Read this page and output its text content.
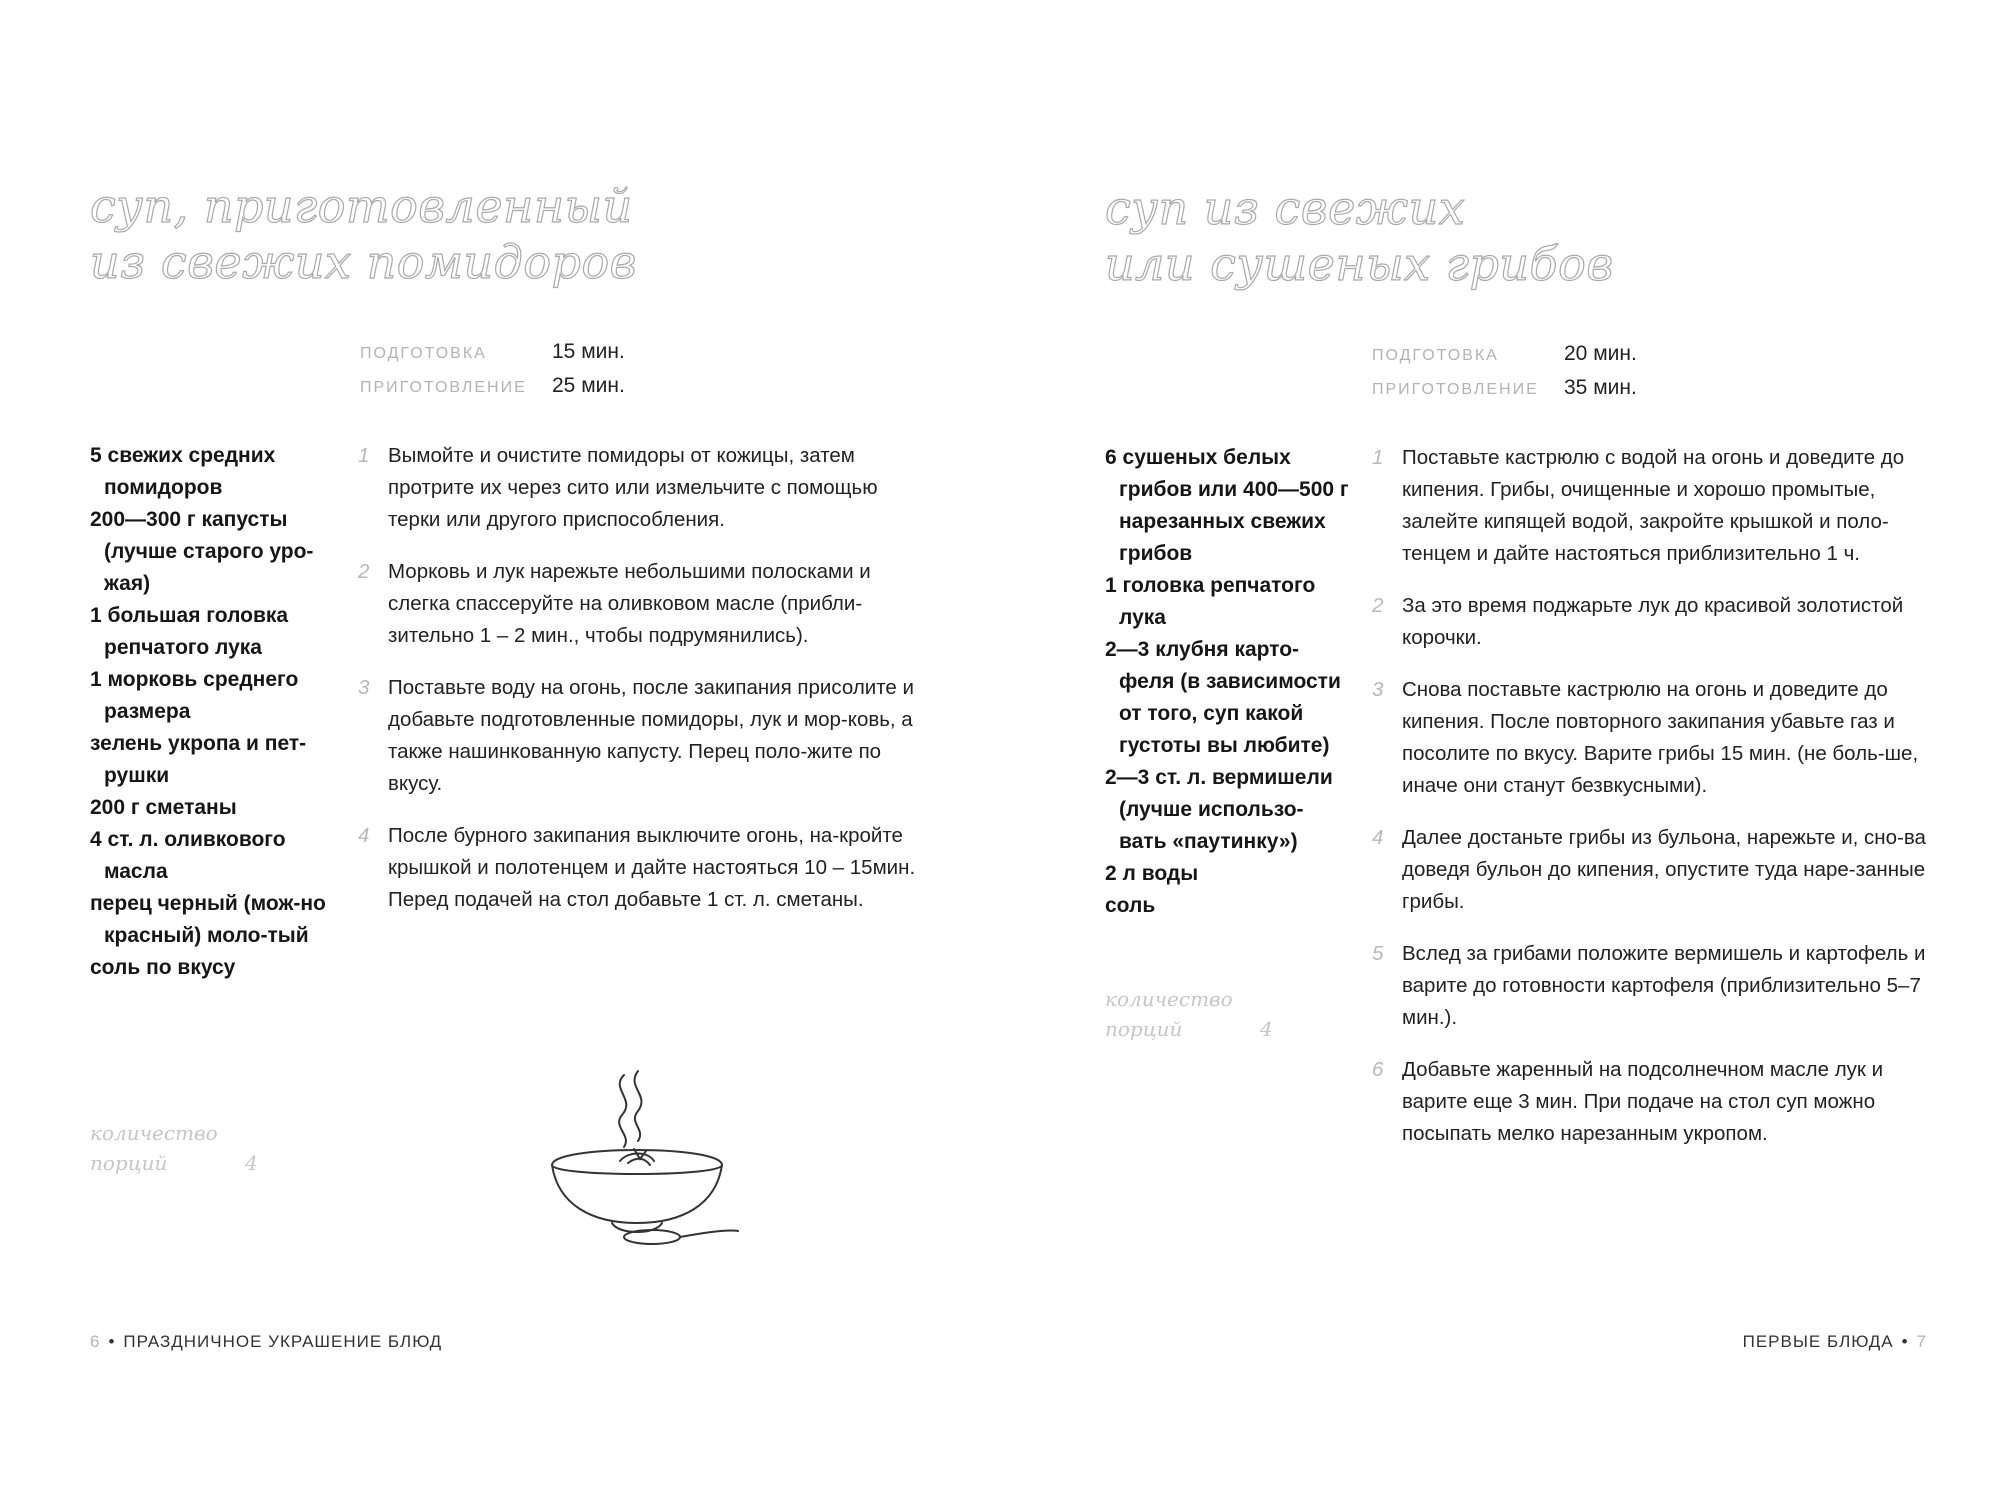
суп, приготовленный
из свежих помидоров
ПОДГОТОВКА	15 мин.
ПРИГОТОВЛЕНИЕ	25 мин.
5 свежих средних помидоров
200—300 г капусты (лучше старого уро-жая)
1 большая головка репчатого лука
1 морковь среднего размера
зелень укропа и пет-рушки
200 г сметаны
4 ст. л. оливкового масла
перец черный (мож-но красный) моло-тый
соль по вкусу
1 Вымойте и очистите помидоры от кожицы, затем протрите их через сито или измельчите с помощью терки или другого приспособления.
2 Морковь и лук нарежьте небольшими полосками и слегка спассеруйте на оливковом масле (прибли-зительно 1 – 2 мин., чтобы подрумянились).
3 Поставьте воду на огонь, после закипания присолите и добавьте подготовленные помидоры, лук и мор-ковь, а также нашинкованную капусту. Перец поло-жите по вкусу.
4 После бурного закипания выключите огонь, на-кройте крышкой и полотенцем и дайте настояться 10 – 15мин. Перед подачей на стол добавьте 1 ст. л. сметаны.
количество
порций	4
6 • ПРАЗДНИЧНОЕ УКРАШЕНИЕ БЛЮД
суп из свежих
или сушеных грибов
ПОДГОТОВКА	20 мин.
ПРИГОТОВЛЕНИЕ	35 мин.
6 сушеных белых грибов или 400—500 г нарезанных свежих грибов
1 головка репчатого лука
2—3 клубня карто-феля (в зависимости от того, суп какой густоты вы любите)
2—3 ст. л. вермишели (лучше использо-вать «паутинку»)
2 л воды
соль
количество
порций	4
1 Поставьте кастрюлю с водой на огонь и доведите до кипения. Грибы, очищенные и хорошо промытые, залейте кипящей водой, закройте крышкой и поло-тенцем и дайте настояться приблизительно 1 ч.
2 За это время поджарьте лук до красивой золотистой корочки.
3 Снова поставьте кастрюлю на огонь и доведите до кипения. После повторного закипания убавьте газ и посолите по вкусу. Варите грибы 15 мин. (не боль-ше, иначе они станут безвкусными).
4 Далее достаньте грибы из бульона, нарежьте и, сно-ва доведя бульон до кипения, опустите туда наре-занные грибы.
5 Вслед за грибами положите вермишель и картофель и варите до готовности картофеля (приблизительно 5–7 мин.).
6 Добавьте жаренный на подсолнечном масле лук и варите еще 3 мин. При подаче на стол суп можно посыпать мелко нарезанным укропом.
ПЕРВЫЕ БЛЮДА • 7
